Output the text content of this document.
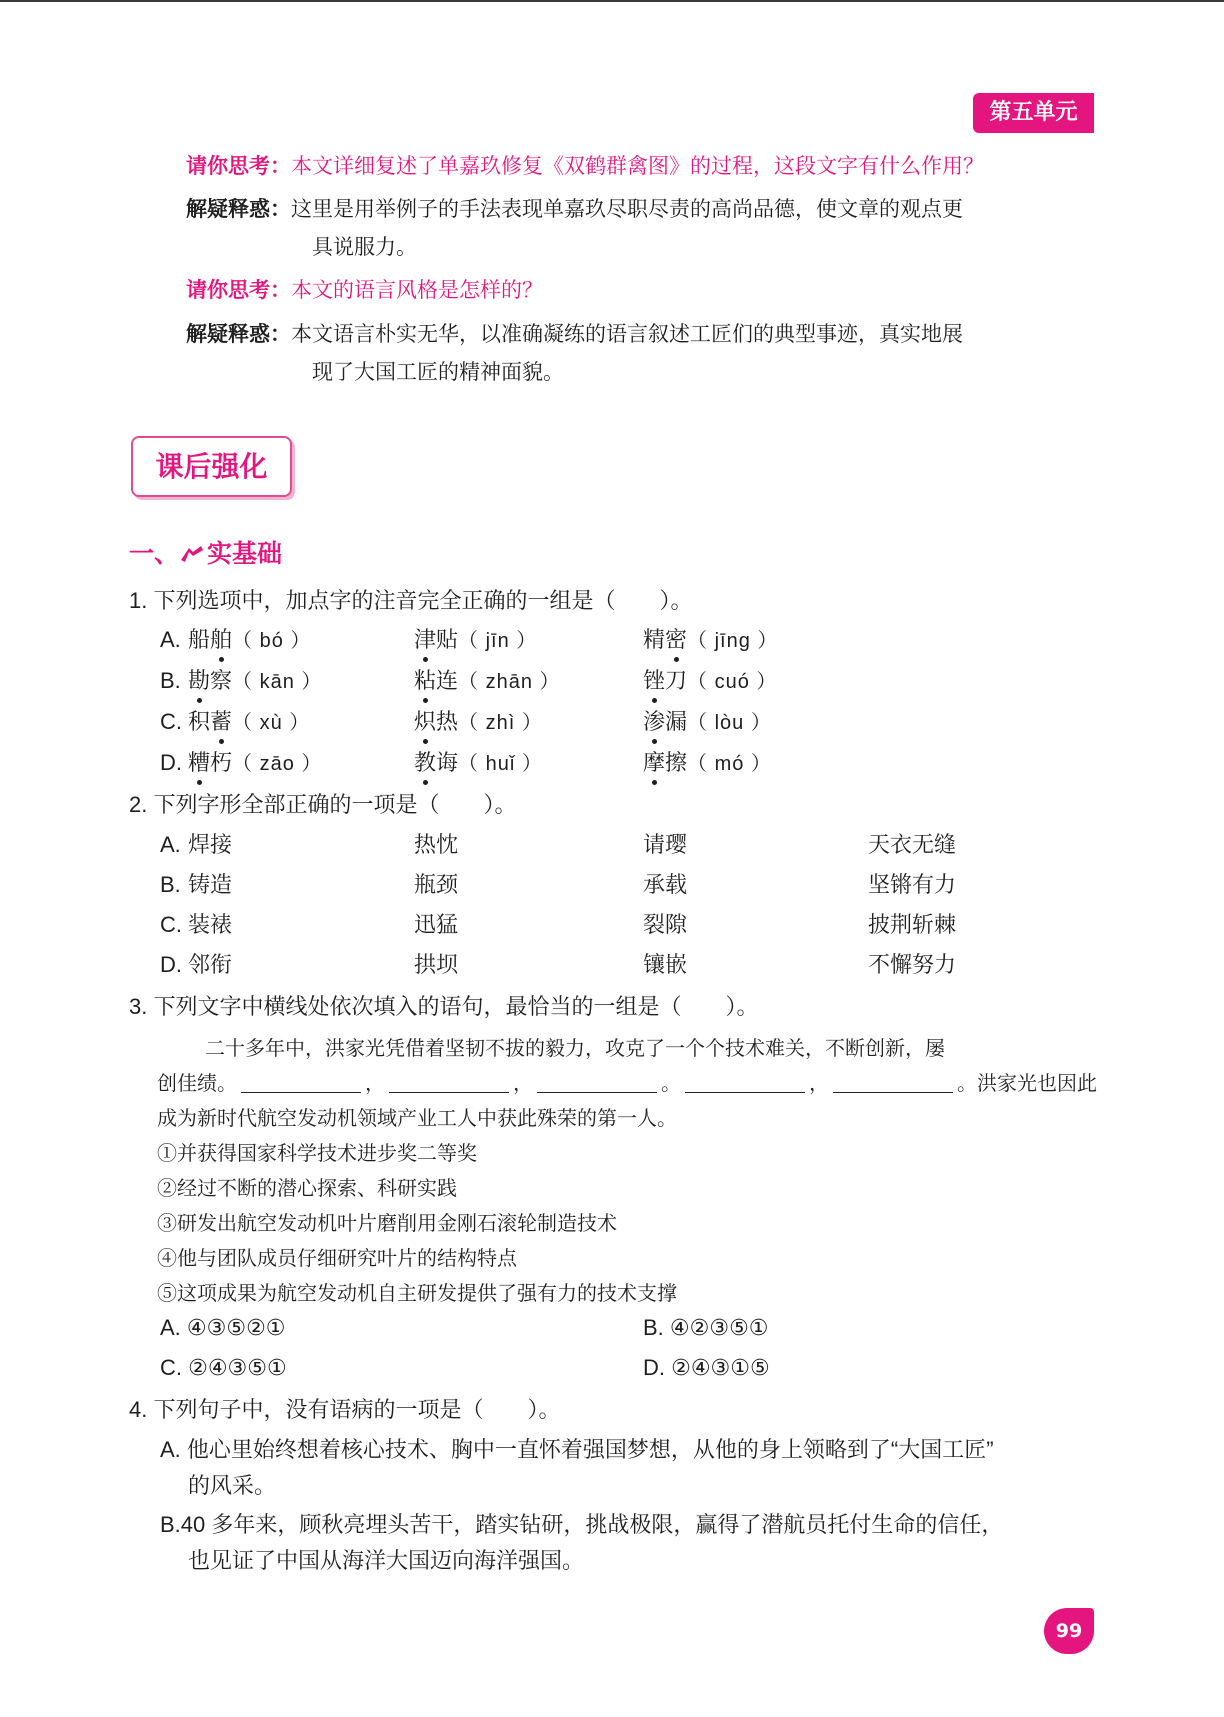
第五单元
请你思考：本文详细复述了单嘉玖修复《双鹤群禽图》的过程，这段文字有什么作用？
解疑释惑：这里是用举例子的手法表现单嘉玖尽职尽责的高尚品德，使文章的观点更
具说服力。
请你思考：本文的语言风格是怎样的？
解疑释惑：本文语言朴实无华，以准确凝练的语言叙述工匠们的典型事迹，真实地展
现了大国工匠的精神面貌。
课后强化
一、 实基础
1. 下列选项中，加点字的注音完全正确的一组是（　　）。
A. 船舶（ bó ）	津贴（ jīn ）	精密（ jīng ）
B. 勘察（ kān ）	粘连（ zhān ）	锉刀（ cuó ）
C. 积蓄（ xù ）	炽热（ zhì ）	渗漏（ lòu ）
D. 糟朽（ zāo ）	教诲（ huǐ ）	摩擦（ mó ）
2. 下列字形全部正确的一项是（　　）。
A. 焊接	热忱	请璎	天衣无缝
B. 铸造	瓶颈	承载	坚锵有力
C. 装裱	迅猛	裂隙	披荆斩棘
D. 邻衔	拱坝	镶嵌	不懈努力
3. 下列文字中横线处依次填入的语句，最恰当的一组是（　　）。
二十多年中，洪家光凭借着坚韧不拔的毅力，攻克了一个个技术难关，不断创新，屡
创佳绩。	，	，	。	，	。洪家光也因此
成为新时代航空发动机领域产业工人中获此殊荣的第一人。
①并获得国家科学技术进步奖二等奖
②经过不断的潜心探索、科研实践
③研发出航空发动机叶片磨削用金刚石滚轮制造技术
④他与团队成员仔细研究叶片的结构特点
⑤这项成果为航空发动机自主研发提供了强有力的技术支撑
A. ④③⑤②①	B. ④②③⑤①
C. ②④③⑤①	D. ②④③①⑤
4. 下列句子中，没有语病的一项是（　　）。
A. 他心里始终想着核心技术、胸中一直怀着强国梦想，从他的身上领略到了“大国工匠”
的风采。
B.40 多年来，顾秋亮埋头苦干，踏实钻研，挑战极限，赢得了潜航员托付生命的信任，
也见证了中国从海洋大国迈向海洋强国。
99
